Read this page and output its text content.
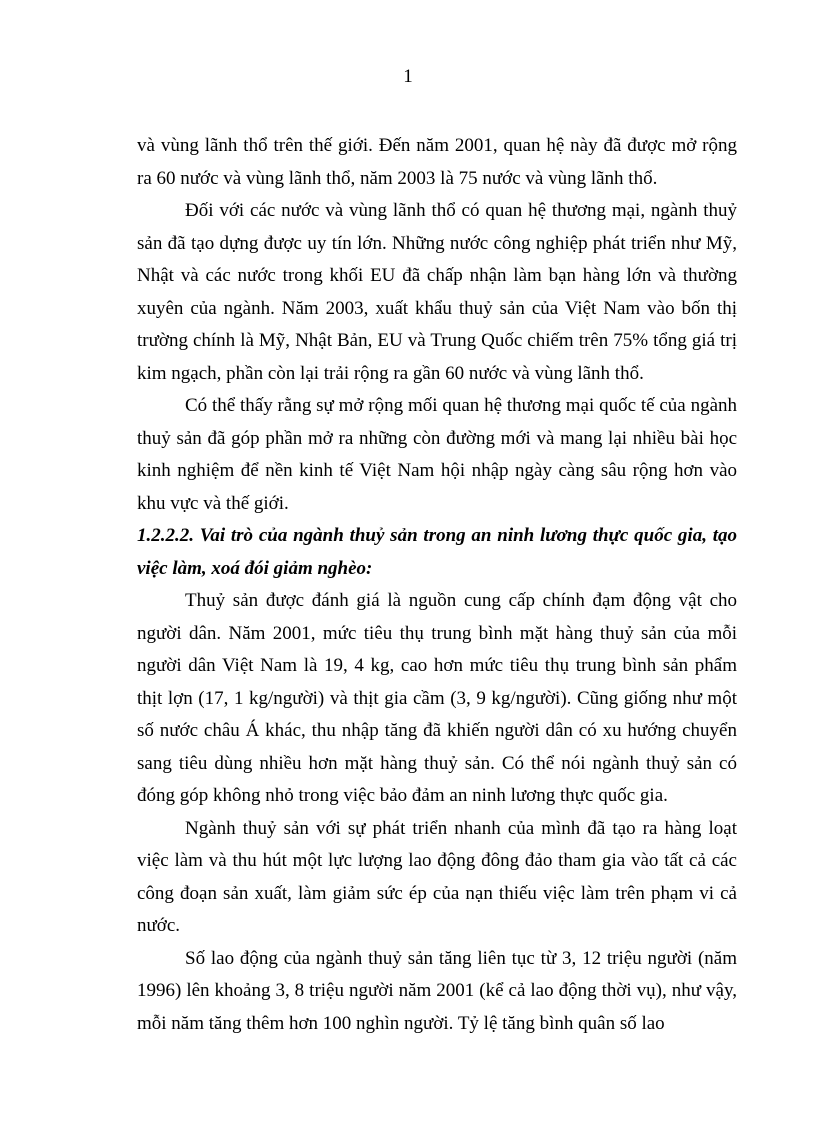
1

và vùng lãnh thổ trên thế giới. Đến năm 2001, quan hệ này đã được mở rộng ra 60 nước và vùng lãnh thổ, năm 2003 là 75 nước và vùng lãnh thổ.

Đối với các nước và vùng lãnh thổ có quan hệ thương mại, ngành thuỷ sản đã tạo dựng được uy tín lớn. Những nước công nghiệp phát triển như Mỹ, Nhật và các nước trong khối EU đã chấp nhận làm bạn hàng lớn và thường xuyên của ngành. Năm 2003, xuất khẩu thuỷ sản của Việt Nam vào bốn thị trường chính là Mỹ, Nhật Bản, EU và Trung Quốc chiếm trên 75% tổng giá trị kim ngạch, phần còn lại trải rộng ra gần 60 nước và vùng lãnh thổ.

Có thể thấy rằng sự mở rộng mối quan hệ thương mại quốc tế của ngành thuỷ sản đã góp phần mở ra những còn đường mới và mang lại nhiều bài học kinh nghiệm để nền kinh tế Việt Nam hội nhập ngày càng sâu rộng hơn vào khu vực và thế giới.

1.2.2.2. Vai trò của ngành thuỷ sản trong an ninh lương thực quốc gia, tạo việc làm, xoá đói giảm nghèo:

Thuỷ sản được đánh giá là nguồn cung cấp chính đạm động vật cho người dân. Năm 2001, mức tiêu thụ trung bình mặt hàng thuỷ sản của mỗi người dân Việt Nam là 19, 4 kg, cao hơn mức tiêu thụ trung bình sản phẩm thịt lợn (17, 1 kg/người) và thịt gia cầm (3, 9 kg/người). Cũng giống như một số nước châu Á khác, thu nhập tăng đã khiến người dân có xu hướng chuyển sang tiêu dùng nhiều hơn mặt hàng thuỷ sản. Có thể nói ngành thuỷ sản có đóng góp không nhỏ trong việc bảo đảm an ninh lương thực quốc gia.

Ngành thuỷ sản với sự phát triển nhanh của mình đã tạo ra hàng loạt việc làm và thu hút một lực lượng lao động đông đảo tham gia vào tất cả các công đoạn sản xuất, làm giảm sức ép của nạn thiếu việc làm trên phạm vi cả nước.

Số lao động của ngành thuỷ sản tăng liên tục từ 3, 12 triệu người (năm 1996) lên khoảng 3, 8 triệu người năm 2001 (kể cả lao động thời vụ), như vậy, mỗi năm tăng thêm hơn 100 nghìn người. Tỷ lệ tăng bình quân số lao
